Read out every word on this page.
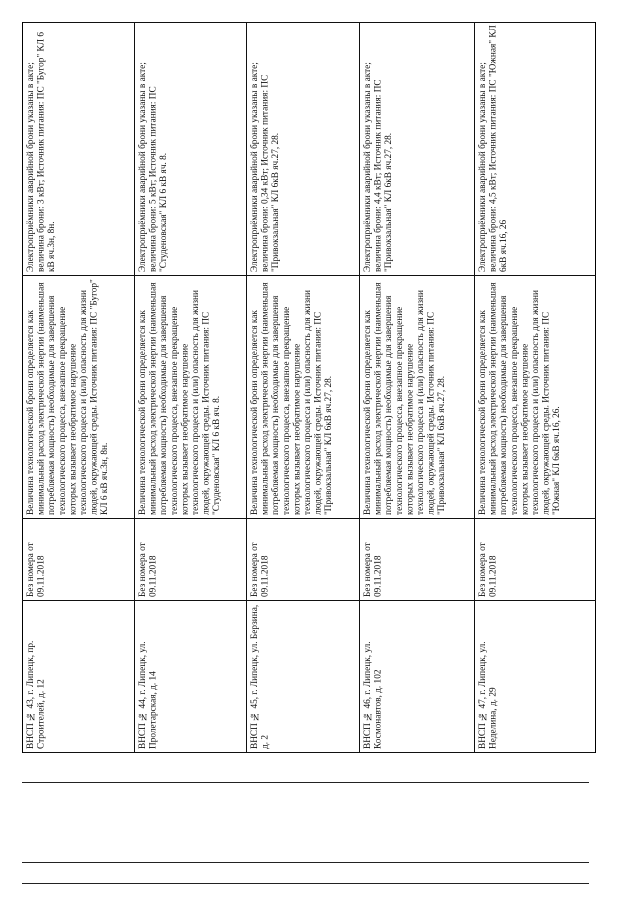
Электроприёмники аварийной брони указаны в акте; величина брони: 3 кВт; Источник питания: ПС "Бугор" КЛ 6 кВ яч.3н, 8н.
Величина технологической брони определяется как минимальный расход электрической энергии (наименьшая потребляемая мощность) необходимые для завершения технологического процесса, внезапное прекращение которых вызывает необратимое нарушение технологического процесса и (или) опасность для жизни людей, окружающей среды. Источник питания: ПС "Бугор" КЛ 6 кВ яч.3н, 8н.
Без номера от 09.11.2018
ВНСП № 43, г. Липецк, пр. Строителей, д. 12
Электроприёмники аварийной брони указаны в акте; величина брони: 5 кВт; Источник питания: ПС "Студеновская" КЛ 6 кВ яч. 8.
Величина технологической брони определяется как минимальный расход электрической энергии (наименьшая потребляемая мощность) необходимые для завершения технологического процесса, внезапное прекращение которых вызывает необратимое нарушение технологического процесса и (или) опасность для жизни людей, окружающей среды. Источник питания: ПС "Студеновская" КЛ 6 кВ яч. 8.
Без номера от 09.11.2018
ВНСП № 44, г. Липецк, ул. Пролетарская, д. 14
Электроприёмники аварийной брони указаны в акте; величина брони: 0,34 кВт; Источник питания: ПС "Привокзальная" КЛ 6кВ яч.27, 28.
Величина технологической брони определяется как минимальный расход электрической энергии (наименьшая потребляемая мощность) необходимые для завершения технологического процесса, внезапное прекращение которых вызывает необратимое нарушение технологического процесса и (или) опасность для жизни людей, окружающей среды. Источник питания: ПС "Привокзальная" КЛ 6кВ яч.27, 28.
Без номера от 09.11.2018
ВНСП № 45, г. Липецк, ул. Берзина, д. 2
Электроприёмники аварийной брони указаны в акте; величина брони: 4,4 кВт; Источник питания: ПС "Привокзальная" КЛ 6кВ яч.27, 28.
Величина технологической брони определяется как минимальный расход электрической энергии (наименьшая потребляемая мощность) необходимые для завершения технологического процесса, внезапное прекращение которых вызывает необратимое нарушение технологического процесса и (или) опасность для жизни людей, окружающей среды. Источник питания: ПС "Привокзальная" КЛ 6кВ яч.27, 28.
Без номера от 09.11.2018
ВНСП № 46, г. Липецк, ул. Космонавтов, д. 102
Электроприёмники аварийной брони указаны в акте; величина брони: 4,5 кВт; Источник питания: ПС "Южная" КЛ 6кВ яч.16, 26
Величина технологической брони определяется как минимальный расход электрической энергии (наименьшая потребляемая мощность) необходимые для завершения технологического процесса, внезапное прекращение которых вызывает необратимое нарушение технологического процесса и (или) опасность для жизни людей, окружающей среды. Источник питания: ПС "Южная" КЛ 6кВ яч.16, 26.
Без номера от 09.11.2018
ВНСП № 47, г. Липецк, ул. Неделина, д. 29
